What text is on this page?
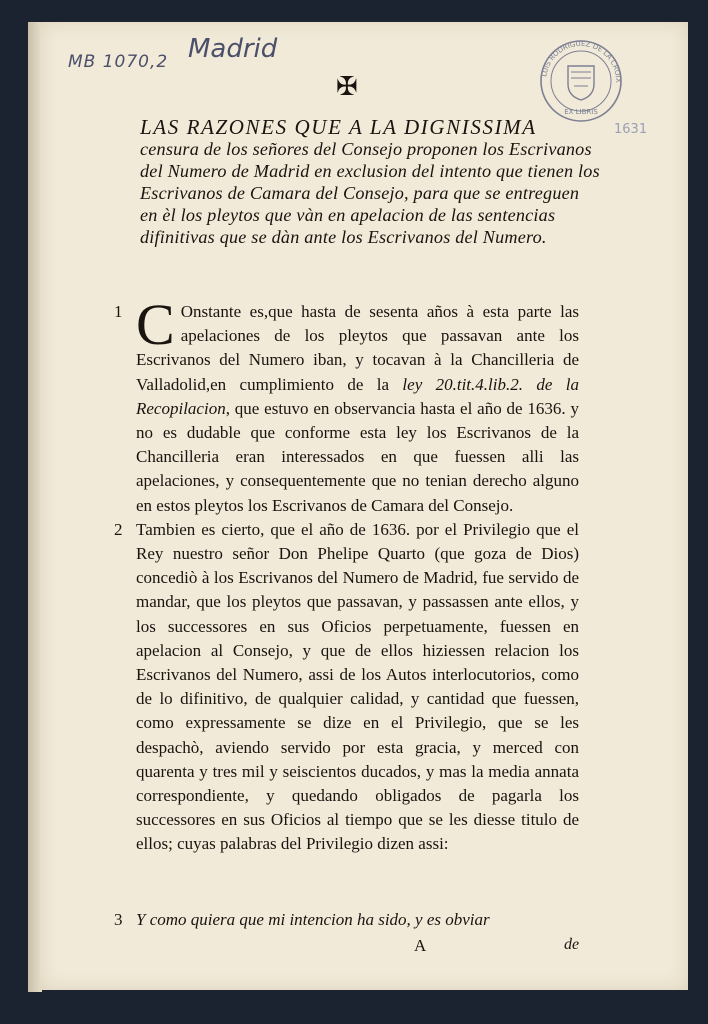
MB 1070,2 Madrid
LUIS RODRIGUEZ DE LA CROIX
EX LIBRIS
1631
✠
LAS RAZONES QUE A LA DIGNISSIMA
censura de los señores del Consejo proponen los Escrivanos del Numero de Madrid en exclusion del intento que tienen los Escrivanos de Camara del Consejo, para que se entreguen en èl los pleytos que vàn en apelacion de las sentencias difinitivas que se dàn ante los Escrivanos del Numero.

1 C Onstante es,que hasta de sesenta años à esta parte las apelaciones de los pleytos que passavan ante los Escrivanos del Numero iban, y tocavan à la Chancilleria de Valladolid,en cumplimiento de la ley 20.tit.4.lib.2. de la Recopilacion, que estuvo en observancia hasta el año de 1636. y no es dudable que conforme esta ley los Escrivanos de la Chancilleria eran interessados en que fuessen alli las apelaciones, y consequentemente que no tenian derecho alguno en estos pleytos los Escrivanos de Camara del Consejo.

2 Tambien es cierto, que el año de 1636. por el Privilegio que el Rey nuestro señor Don Phelipe Quarto (que goza de Dios) concediò à los Escrivanos del Numero de Madrid, fue servido de mandar, que los pleytos que passavan, y passassen ante ellos, y los successores en sus Oficios perpetuamente, fuessen en apelacion al Consejo, y que de ellos hiziessen relacion los Escrivanos del Numero, assi de los Autos interlocutorios, como de lo difinitivo, de qualquier calidad, y cantidad que fuessen, como expressamente se dize en el Privilegio, que se les despachò, aviendo servido por esta gracia, y merced con quarenta y tres mil y seiscientos ducados, y mas la media annata correspondiente, y quedando obligados de pagarla los successores en sus Oficios al tiempo que se les diesse titulo de ellos; cuyas palabras del Privilegio dizen assi:

3 Y como quiera que mi intencion ha sido, y es obviar
A	de
